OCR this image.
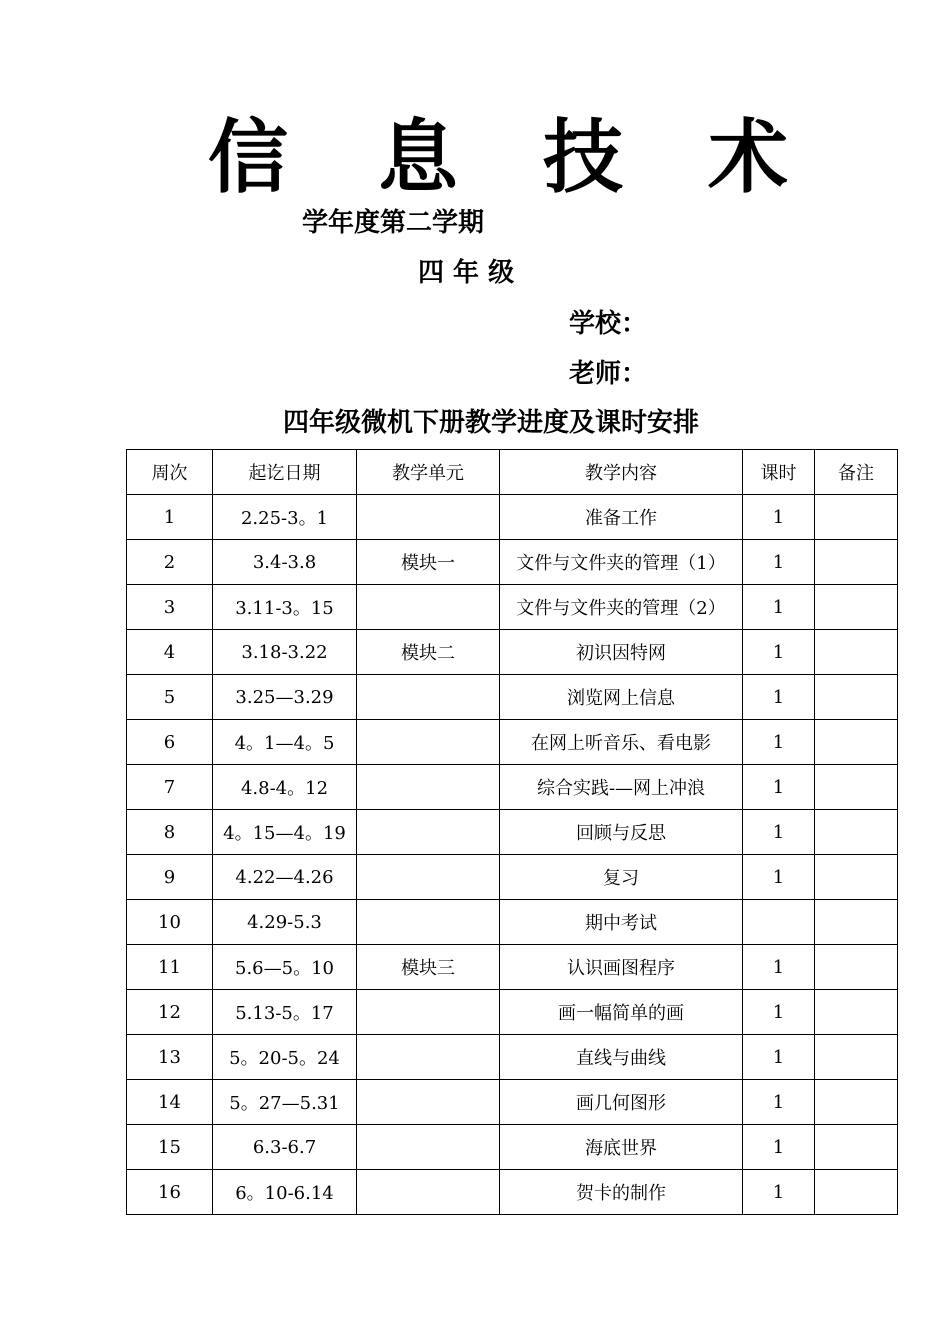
信 息 技 术
学年度第二学期
四 年 级
学校：
老师：
四年级微机下册教学进度及课时安排
周次	起讫日期	教学单元	教学内容	课时	备注
1	2.25-3。1		准备工作	1	
2	3.4-3.8	模块一	文件与文件夹的管理（1）	1	
3	3.11-3。15		文件与文件夹的管理（2）	1	
4	3.18-3.22	模块二	初识因特网	1	
5	3.25—3.29		浏览网上信息	1	
6	4。1—4。5		在网上听音乐、看电影	1	
7	4.8-4。12		综合实践-—网上冲浪	1	
8	4。15—4。19		回顾与反思	1	
9	4.22—4.26		复习	1	
10	4.29-5.3		期中考试		
11	5.6—5。10	模块三	认识画图程序	1	
12	5.13-5。17		画一幅简单的画	1	
13	5。20-5。24		直线与曲线	1	
14	5。27—5.31		画几何图形	1	
15	6.3-6.7		海底世界	1	
16	6。10-6.14		贺卡的制作	1	
